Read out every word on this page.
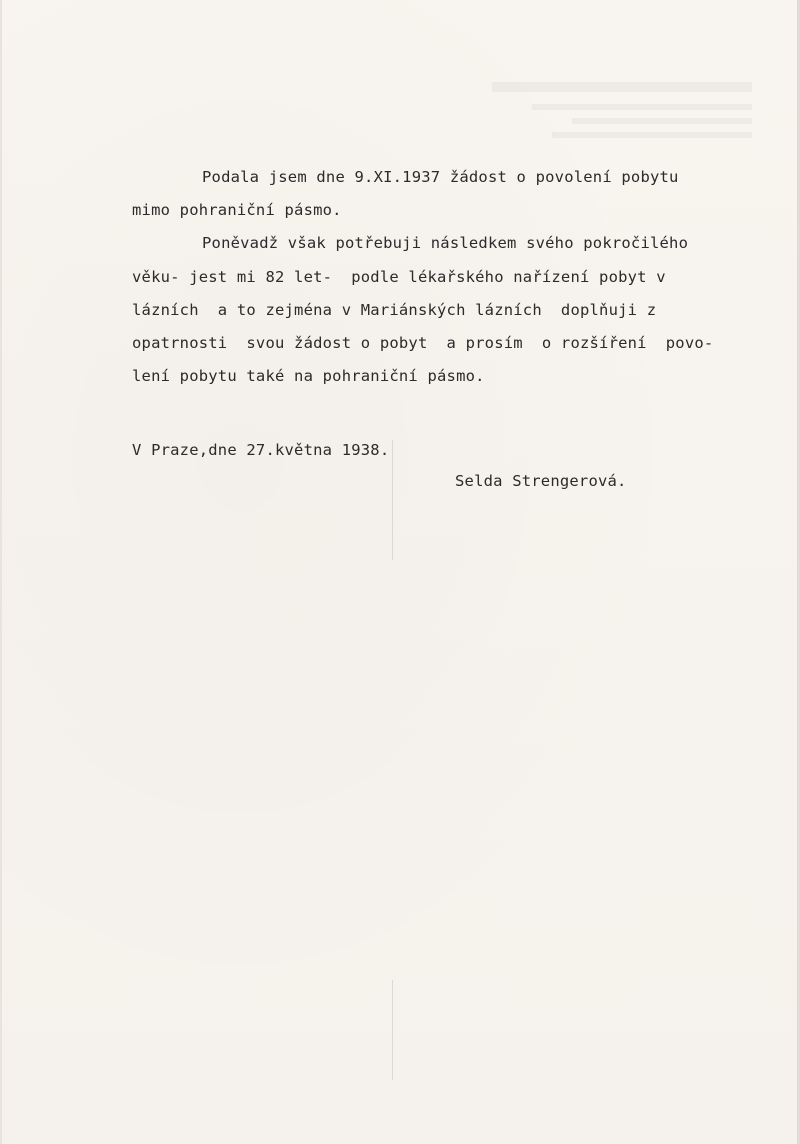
Podala jsem dne 9.XI.1937 žádost o povolení pobytu
mimo pohraniční pásmo.
Poněvadž však potřebuji následkem svého pokročilého
věku- jest mi 82 let-  podle lékařského nařízení pobyt v
lázních  a to zejména v Mariánských lázních  doplňuji z
opatrnosti  svou žádost o pobyt  a prosím  o rozšíření  povo-
lení pobytu také na pohraniční pásmo.
V Praze,dne 27.května 1938.
Selda Strengerová.
